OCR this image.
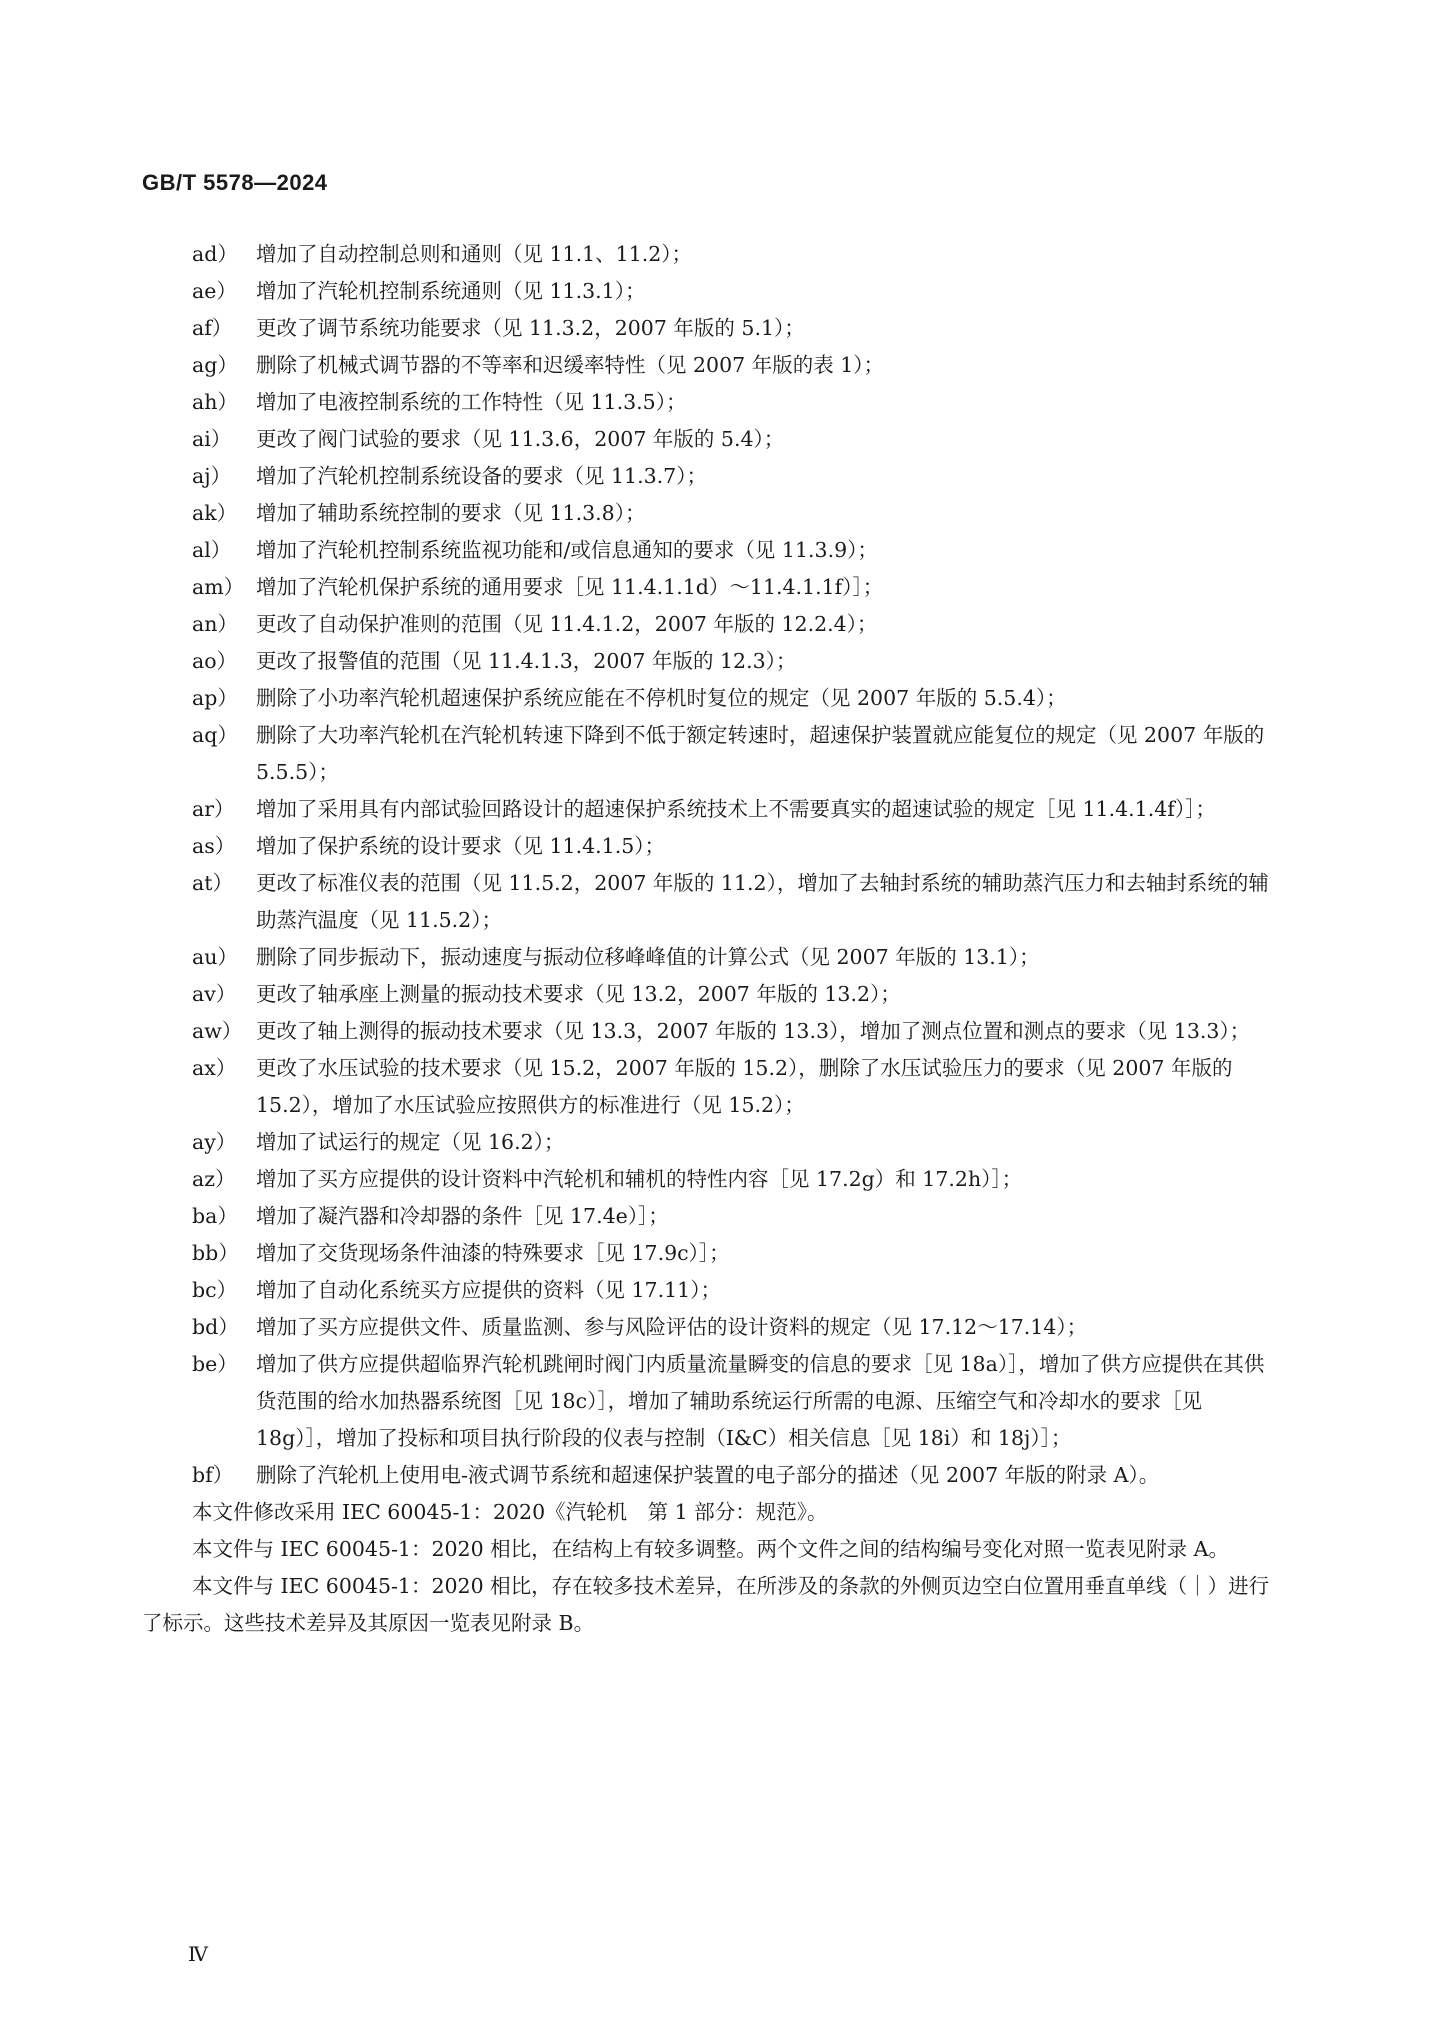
GB/T 5578—2024
ad） 增加了自动控制总则和通则（见 11.1、11.2）；
ae） 增加了汽轮机控制系统通则（见 11.3.1）；
af）	更改了调节系统功能要求（见 11.3.2，2007 年版的 5.1）；
ag） 删除了机械式调节器的不等率和迟缓率特性（见 2007 年版的表 1）；
ah） 增加了电液控制系统的工作特性（见 11.3.5）；
ai）	更改了阀门试验的要求（见 11.3.6，2007 年版的 5.4）；
aj）	增加了汽轮机控制系统设备的要求（见 11.3.7）；
ak） 增加了辅助系统控制的要求（见 11.3.8）；
al）	增加了汽轮机控制系统监视功能和/或信息通知的要求（见 11.3.9）；
am） 增加了汽轮机保护系统的通用要求［见 11.4.1.1d）～11.4.1.1f）］；
an） 更改了自动保护准则的范围（见 11.4.1.2，2007 年版的 12.2.4）；
ao） 更改了报警值的范围（见 11.4.1.3，2007 年版的 12.3）；
ap） 删除了小功率汽轮机超速保护系统应能在不停机时复位的规定（见 2007 年版的 5.5.4）；
aq） 删除了大功率汽轮机在汽轮机转速下降到不低于额定转速时，超速保护装置就应能复位的规定（见 2007 年版的 5.5.5）；
ar）	增加了采用具有内部试验回路设计的超速保护系统技术上不需要真实的超速试验的规定［见 11.4.1.4f）］；
as）	增加了保护系统的设计要求（见 11.4.1.5）；
at）	更改了标准仪表的范围（见 11.5.2，2007 年版的 11.2），增加了去轴封系统的辅助蒸汽压力和去轴封系统的辅助蒸汽温度（见 11.5.2）；
au） 删除了同步振动下，振动速度与振动位移峰峰值的计算公式（见 2007 年版的 13.1）；
av） 更改了轴承座上测量的振动技术要求（见 13.2，2007 年版的 13.2）；
aw） 更改了轴上测得的振动技术要求（见 13.3，2007 年版的 13.3），增加了测点位置和测点的要求（见 13.3）；
ax） 更改了水压试验的技术要求（见 15.2，2007 年版的 15.2），删除了水压试验压力的要求（见 2007 年版的 15.2），增加了水压试验应按照供方的标准进行（见 15.2）；
ay） 增加了试运行的规定（见 16.2）；
az） 增加了买方应提供的设计资料中汽轮机和辅机的特性内容［见 17.2g）和 17.2h）］；
ba） 增加了凝汽器和冷却器的条件［见 17.4e）］；
bb） 增加了交货现场条件油漆的特殊要求［见 17.9c）］；
bc） 增加了自动化系统买方应提供的资料（见 17.11）；
bd） 增加了买方应提供文件、质量监测、参与风险评估的设计资料的规定（见 17.12～17.14）；
be） 增加了供方应提供超临界汽轮机跳闸时阀门内质量流量瞬变的信息的要求［见 18a）］，增加了供方应提供在其供货范围的给水加热器系统图［见 18c）］，增加了辅助系统运行所需的电源、压缩空气和冷却水的要求［见 18g）］，增加了投标和项目执行阶段的仪表与控制（I&C）相关信息［见 18i）和 18j）］；
bf）	删除了汽轮机上使用电-液式调节系统和超速保护装置的电子部分的描述（见 2007 年版的附录 A）。
本文件修改采用 IEC 60045-1：2020《汽轮机　第 1 部分：规范》。
本文件与 IEC 60045-1：2020 相比，在结构上有较多调整。两个文件之间的结构编号变化对照一览表见附录 A。
本文件与 IEC 60045-1：2020 相比，存在较多技术差异，在所涉及的条款的外侧页边空白位置用垂直单线（｜）进行了标示。这些技术差异及其原因一览表见附录 B。
Ⅳ
